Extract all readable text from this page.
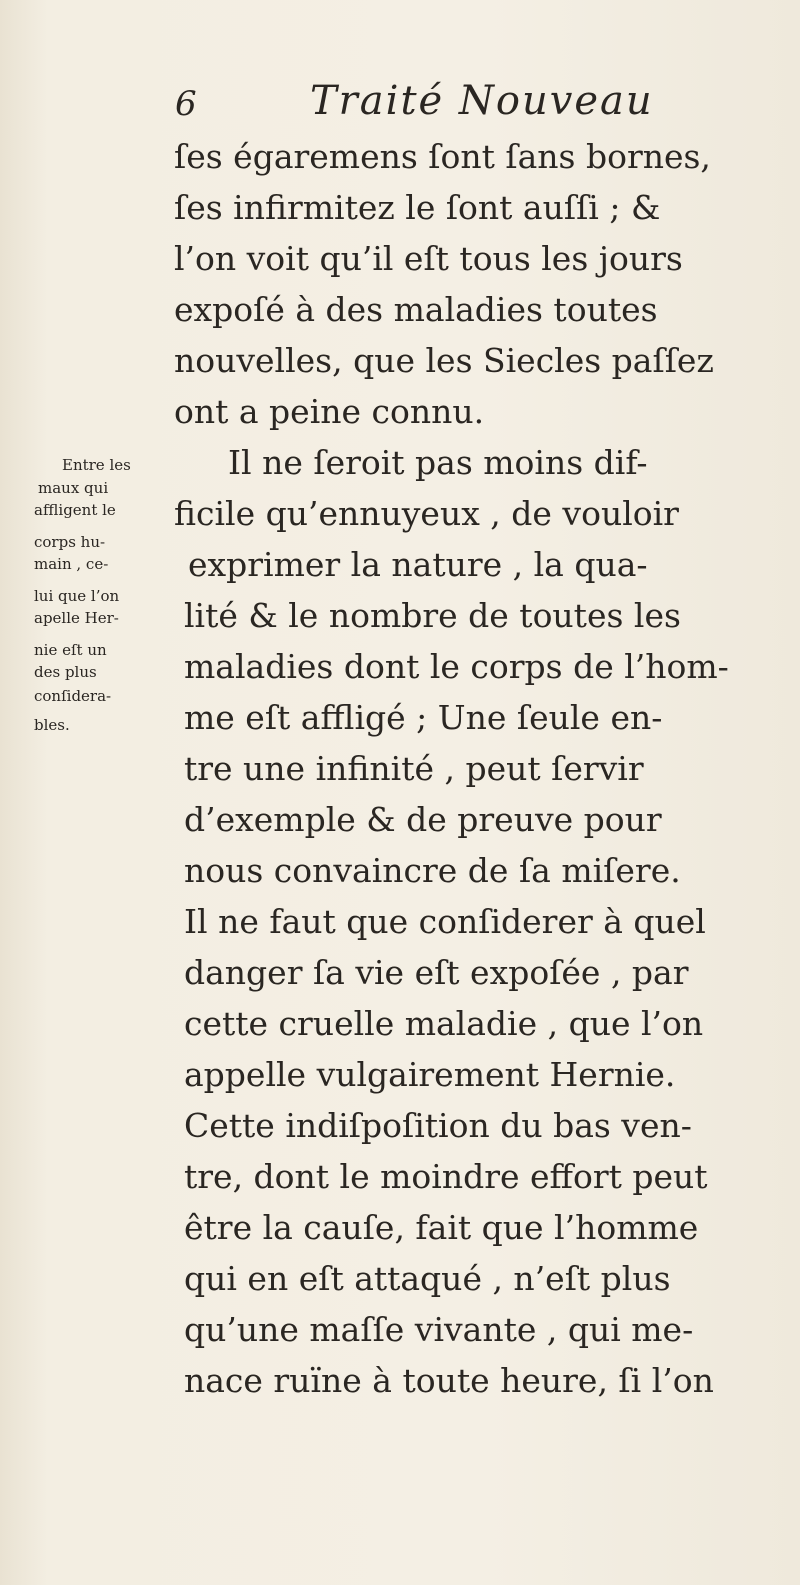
6	Traité Nouveau
ſes égaremens ſont ſans bornes,
ſes infirmitez le ſont auſſi ; &
l’on voit qu’il eſt tous les jours
expoſé à des maladies toutes
nouvelles, que les Siecles paſſez
ont a peine connu.
Il ne ſeroit pas moins dif-
ficile qu’ennuyeux , de vouloir
exprimer la nature , la qua-
lité & le nombre de toutes les
maladies dont le corps de l’hom-
me eſt affligé ; Une ſeule en-
tre une infinité , peut ſervir
d’exemple & de preuve pour
nous convaincre de ſa miſere.
Il ne faut que conſiderer à quel
danger ſa vie eſt expoſée , par
cette cruelle maladie , que l’on
appelle vulgairement Hernie.
Cette indiſpoſition du bas ven-
tre, dont le moindre effort peut
être la cauſe, fait que l’homme
qui en eſt attaqué , n’eſt plus
qu’une maſſe vivante , qui me-
nace ruïne à toute heure, ſi l’on
Entre les
maux qui
affligent le
corps hu-
main , ce-
lui que l’on
apelle Her-
nie eſt un
des plus
conſidera-
bles.
